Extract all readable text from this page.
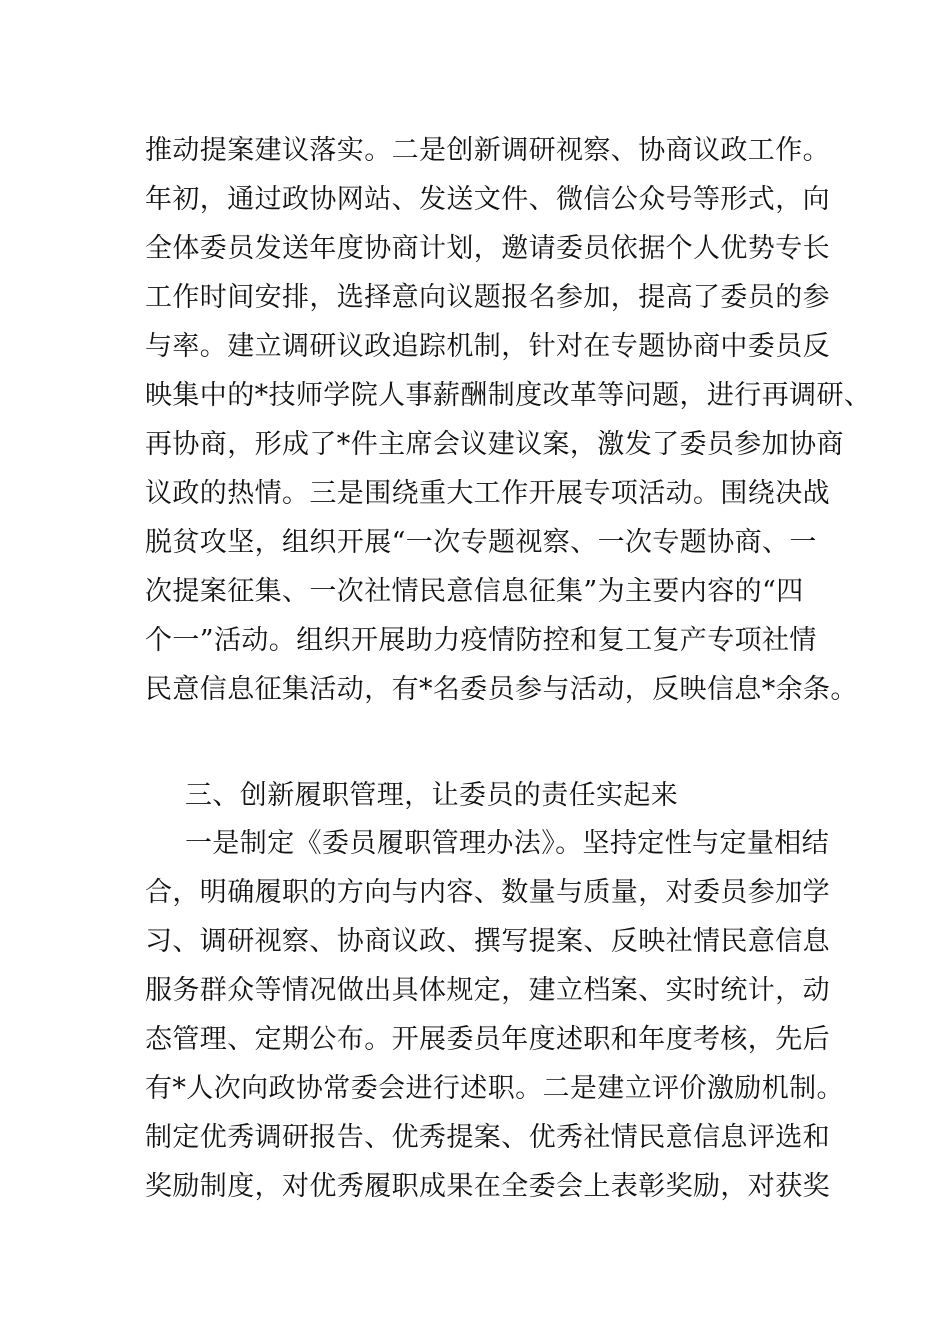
推动提案建议落实。二是创新调研视察、协商议政工作。
年初，通过政协网站、发送文件、微信公众号等形式，向
全体委员发送年度协商计划，邀请委员依据个人优势专长
工作时间安排，选择意向议题报名参加，提高了委员的参
与率。建立调研议政追踪机制，针对在专题协商中委员反
映集中的*技师学院人事薪酬制度改革等问题，进行再调研、
再协商，形成了*件主席会议建议案，激发了委员参加协商
议政的热情。三是围绕重大工作开展专项活动。围绕决战
脱贫攻坚，组织开展“一次专题视察、一次专题协商、一
次提案征集、一次社情民意信息征集”为主要内容的“四
个一”活动。组织开展助力疫情防控和复工复产专项社情
民意信息征集活动，有*名委员参与活动，反映信息*余条。
三、创新履职管理，让委员的责任实起来
一是制定《委员履职管理办法》。坚持定性与定量相结
合，明确履职的方向与内容、数量与质量，对委员参加学
习、调研视察、协商议政、撰写提案、反映社情民意信息
服务群众等情况做出具体规定，建立档案、实时统计，动
态管理、定期公布。开展委员年度述职和年度考核，先后
有*人次向政协常委会进行述职。二是建立评价激励机制。
制定优秀调研报告、优秀提案、优秀社情民意信息评选和
奖励制度，对优秀履职成果在全委会上表彰奖励，对获奖
